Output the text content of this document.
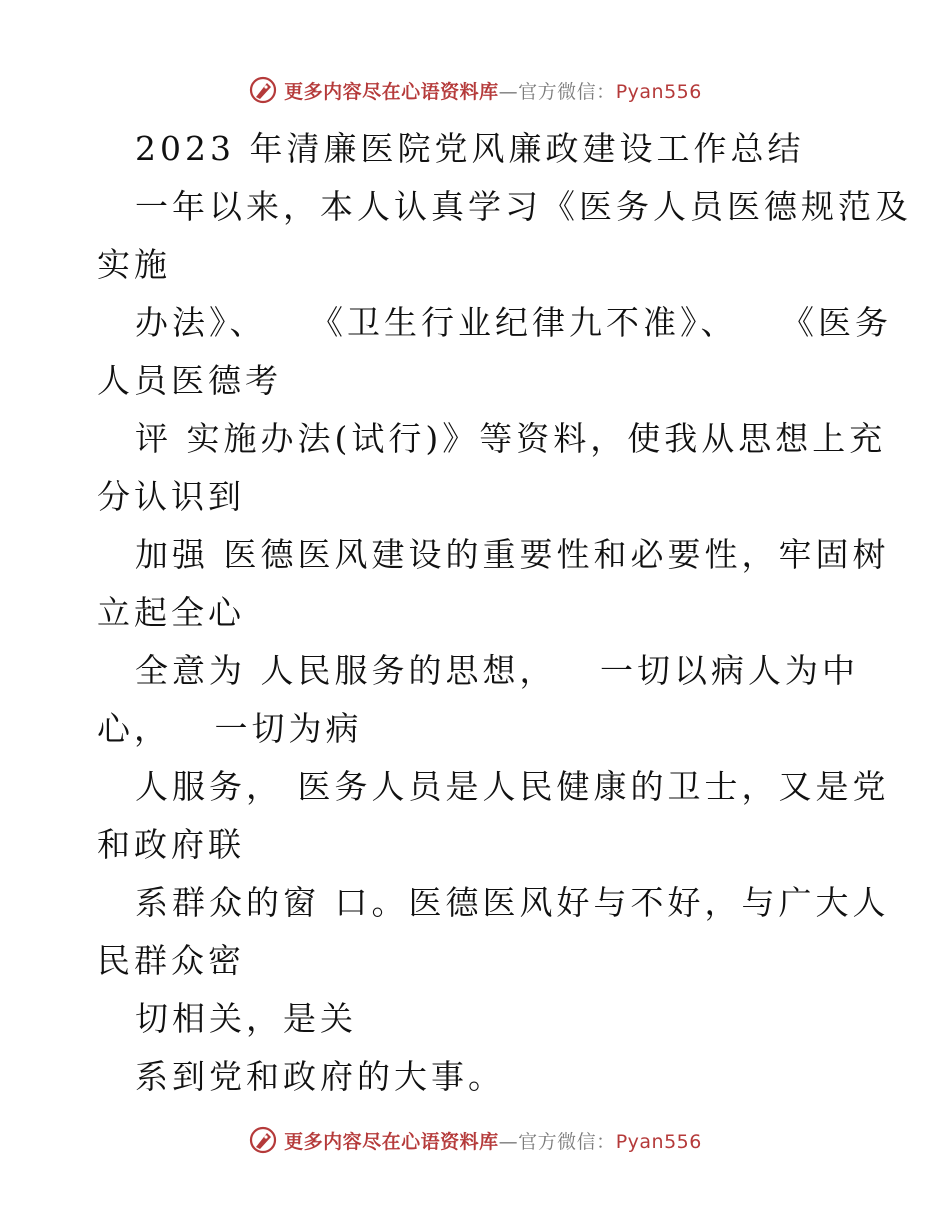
更多内容尽在心语资料库—官方微信：Pyan556
2023 年清廉医院党风廉政建设工作总结
一年以来，本人认真学习《医务人员医德规范及
实施
办法》、   《卫生行业纪律九不准》、   《医务
人员医德考
评 实施办法(试行)》等资料，使我从思想上充
分认识到
加强 医德医风建设的重要性和必要性，牢固树
立起全心
全意为 人民服务的思想，   一切以病人为中
心，   一切为病
人服务， 医务人员是人民健康的卫士，又是党
和政府联
系群众的窗 口。医德医风好与不好，与广大人
民群众密
切相关，是关
系到党和政府的大事。
更多内容尽在心语资料库—官方微信：Pyan556
